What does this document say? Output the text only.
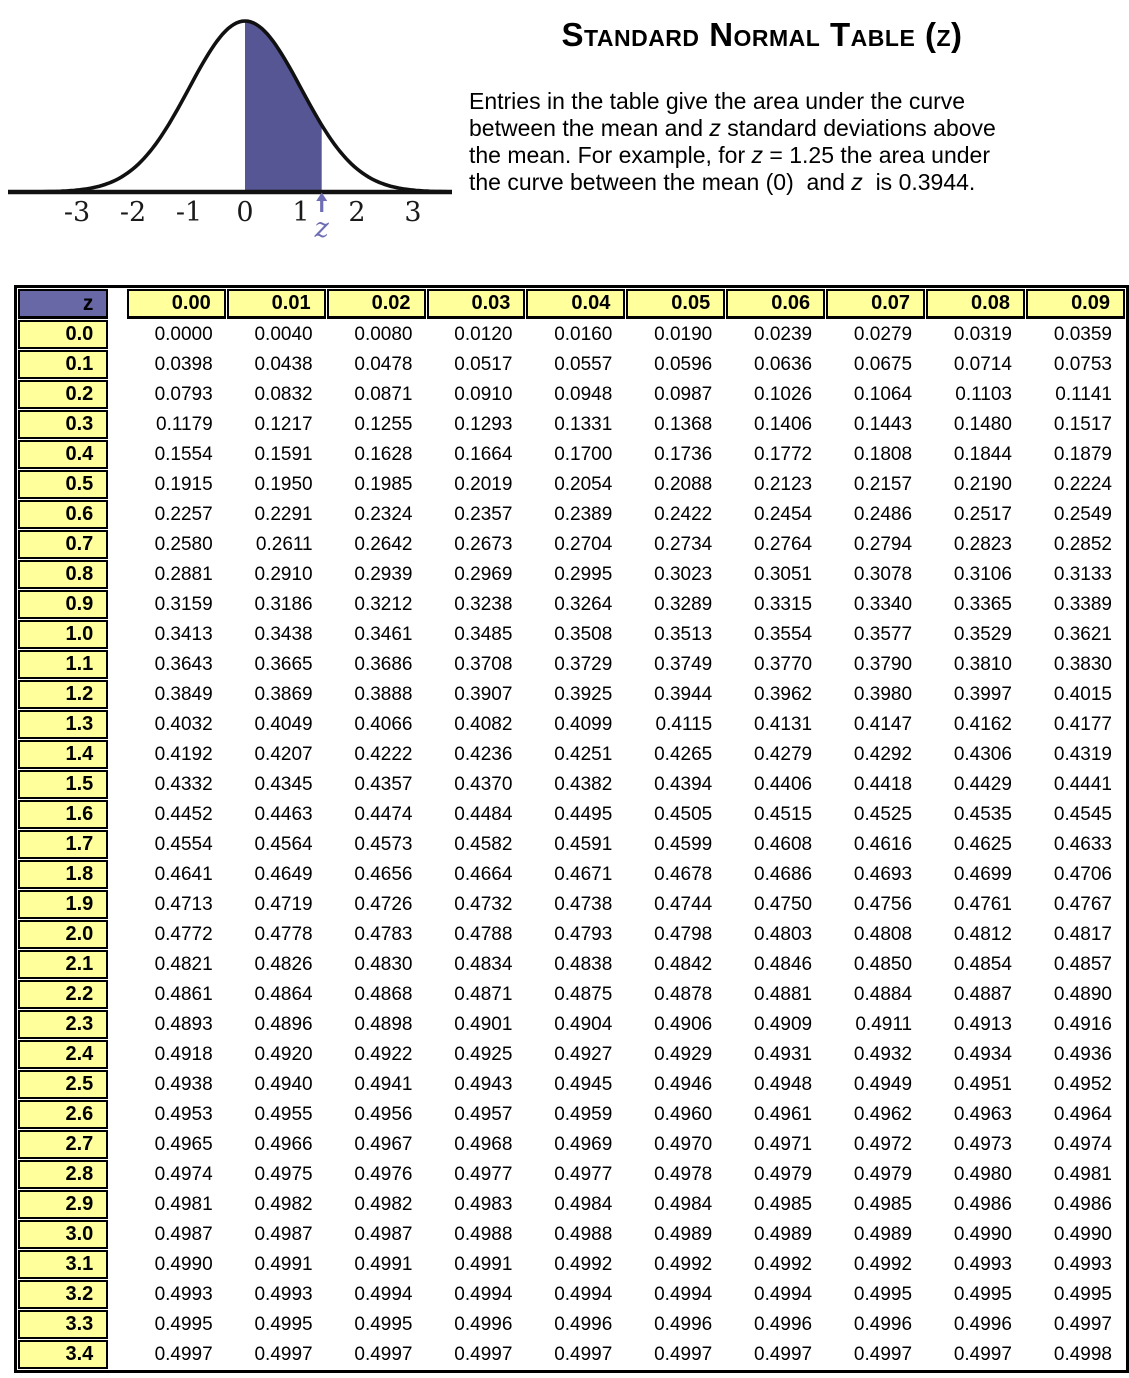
-3 -2 -1 0 1 2 3
z
Standard Normal Table (z)
Entries in the table give the area under the curve
between the mean and z standard deviations above
the mean. For example, for z = 1.25 the area under
the curve between the mean (0)  and z  is 0.3944.
z		0.00	0.01	0.02	0.03	0.04	0.05	0.06	0.07	0.08	0.09
0.0		0.0000	0.0040	0.0080	0.0120	0.0160	0.0190	0.0239	0.0279	0.0319	0.0359
0.1		0.0398	0.0438	0.0478	0.0517	0.0557	0.0596	0.0636	0.0675	0.0714	0.0753
0.2		0.0793	0.0832	0.0871	0.0910	0.0948	0.0987	0.1026	0.1064	0.1103	0.1141
0.3		0.1179	0.1217	0.1255	0.1293	0.1331	0.1368	0.1406	0.1443	0.1480	0.1517
0.4		0.1554	0.1591	0.1628	0.1664	0.1700	0.1736	0.1772	0.1808	0.1844	0.1879
0.5		0.1915	0.1950	0.1985	0.2019	0.2054	0.2088	0.2123	0.2157	0.2190	0.2224
0.6		0.2257	0.2291	0.2324	0.2357	0.2389	0.2422	0.2454	0.2486	0.2517	0.2549
0.7		0.2580	0.2611	0.2642	0.2673	0.2704	0.2734	0.2764	0.2794	0.2823	0.2852
0.8		0.2881	0.2910	0.2939	0.2969	0.2995	0.3023	0.3051	0.3078	0.3106	0.3133
0.9		0.3159	0.3186	0.3212	0.3238	0.3264	0.3289	0.3315	0.3340	0.3365	0.3389
1.0		0.3413	0.3438	0.3461	0.3485	0.3508	0.3513	0.3554	0.3577	0.3529	0.3621
1.1		0.3643	0.3665	0.3686	0.3708	0.3729	0.3749	0.3770	0.3790	0.3810	0.3830
1.2		0.3849	0.3869	0.3888	0.3907	0.3925	0.3944	0.3962	0.3980	0.3997	0.4015
1.3		0.4032	0.4049	0.4066	0.4082	0.4099	0.4115	0.4131	0.4147	0.4162	0.4177
1.4		0.4192	0.4207	0.4222	0.4236	0.4251	0.4265	0.4279	0.4292	0.4306	0.4319
1.5		0.4332	0.4345	0.4357	0.4370	0.4382	0.4394	0.4406	0.4418	0.4429	0.4441
1.6		0.4452	0.4463	0.4474	0.4484	0.4495	0.4505	0.4515	0.4525	0.4535	0.4545
1.7		0.4554	0.4564	0.4573	0.4582	0.4591	0.4599	0.4608	0.4616	0.4625	0.4633
1.8		0.4641	0.4649	0.4656	0.4664	0.4671	0.4678	0.4686	0.4693	0.4699	0.4706
1.9		0.4713	0.4719	0.4726	0.4732	0.4738	0.4744	0.4750	0.4756	0.4761	0.4767
2.0		0.4772	0.4778	0.4783	0.4788	0.4793	0.4798	0.4803	0.4808	0.4812	0.4817
2.1		0.4821	0.4826	0.4830	0.4834	0.4838	0.4842	0.4846	0.4850	0.4854	0.4857
2.2		0.4861	0.4864	0.4868	0.4871	0.4875	0.4878	0.4881	0.4884	0.4887	0.4890
2.3		0.4893	0.4896	0.4898	0.4901	0.4904	0.4906	0.4909	0.4911	0.4913	0.4916
2.4		0.4918	0.4920	0.4922	0.4925	0.4927	0.4929	0.4931	0.4932	0.4934	0.4936
2.5		0.4938	0.4940	0.4941	0.4943	0.4945	0.4946	0.4948	0.4949	0.4951	0.4952
2.6		0.4953	0.4955	0.4956	0.4957	0.4959	0.4960	0.4961	0.4962	0.4963	0.4964
2.7		0.4965	0.4966	0.4967	0.4968	0.4969	0.4970	0.4971	0.4972	0.4973	0.4974
2.8		0.4974	0.4975	0.4976	0.4977	0.4977	0.4978	0.4979	0.4979	0.4980	0.4981
2.9		0.4981	0.4982	0.4982	0.4983	0.4984	0.4984	0.4985	0.4985	0.4986	0.4986
3.0		0.4987	0.4987	0.4987	0.4988	0.4988	0.4989	0.4989	0.4989	0.4990	0.4990
3.1		0.4990	0.4991	0.4991	0.4991	0.4992	0.4992	0.4992	0.4992	0.4993	0.4993
3.2		0.4993	0.4993	0.4994	0.4994	0.4994	0.4994	0.4994	0.4995	0.4995	0.4995
3.3		0.4995	0.4995	0.4995	0.4996	0.4996	0.4996	0.4996	0.4996	0.4996	0.4997
3.4		0.4997	0.4997	0.4997	0.4997	0.4997	0.4997	0.4997	0.4997	0.4997	0.4998
